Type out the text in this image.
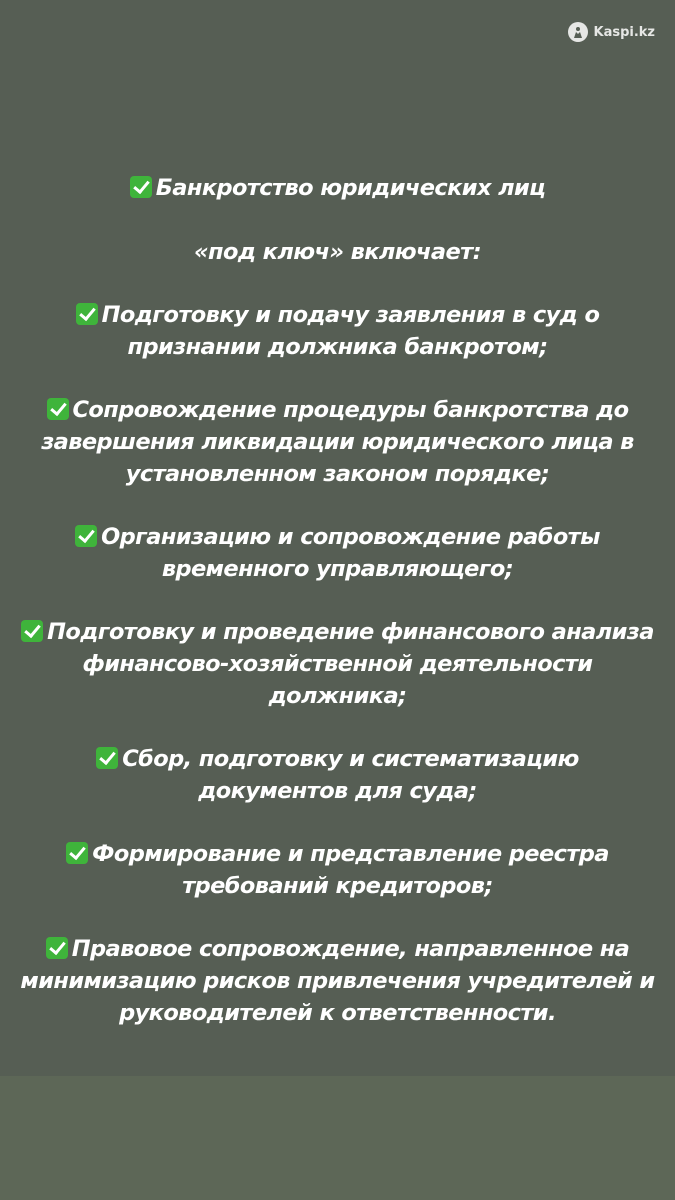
Kaspi.kz
Банкротство юридических лиц
«под ключ» включает:
Подготовку и подачу заявления в суд о признании должника банкротом;
Сопровождение процедуры банкротства до завершения ликвидации юридического лица в установленном законом порядке;
Организацию и сопровождение работы временного управляющего;
Подготовку и проведение финансового анализа финансово-хозяйственной деятельности должника;
Сбор, подготовку и систематизацию документов для суда;
Формирование и представление реестра требований кредиторов;
Правовое сопровождение, направленное на минимизацию рисков привлечения учредителей и руководителей к ответственности.
